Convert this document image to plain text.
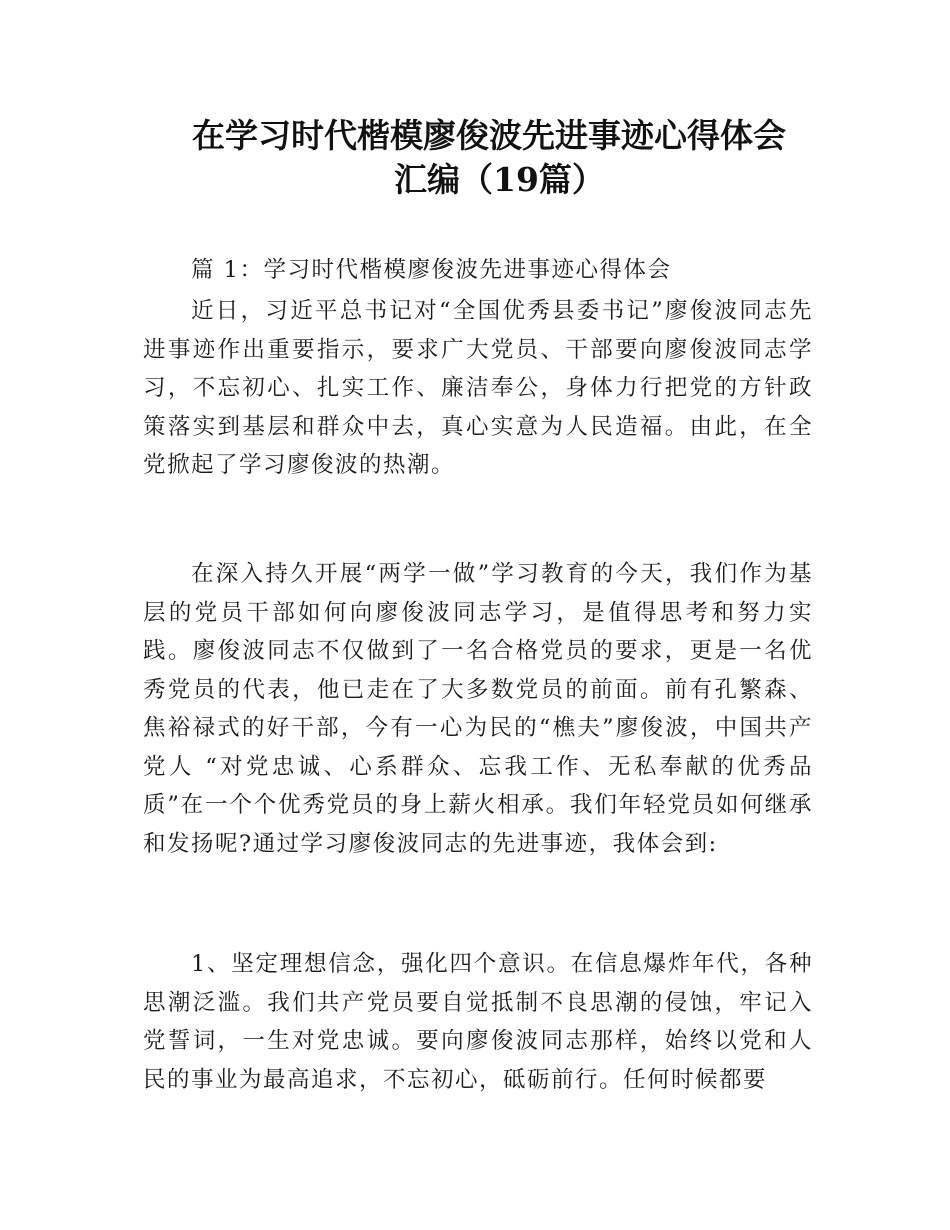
在学习时代楷模廖俊波先进事迹心得体会
汇编（19篇）
篇 1：学习时代楷模廖俊波先进事迹心得体会

近日，习近平总书记对“全国优秀县委书记”廖俊波同志先进事迹作出重要指示，要求广大党员、干部要向廖俊波同志学习，不忘初心、扎实工作、廉洁奉公，身体力行把党的方针政策落实到基层和群众中去，真心实意为人民造福。由此，在全党掀起了学习廖俊波的热潮。

在深入持久开展“两学一做”学习教育的今天，我们作为基层的党员干部如何向廖俊波同志学习，是值得思考和努力实践。廖俊波同志不仅做到了一名合格党员的要求，更是一名优秀党员的代表，他已走在了大多数党员的前面。前有孔繁森、焦裕禄式的好干部，今有一心为民的“樵夫”廖俊波，中国共产党人 “对党忠诚、心系群众、忘我工作、无私奉献的优秀品质”在一个个优秀党员的身上薪火相承。我们年轻党员如何继承和发扬呢?通过学习廖俊波同志的先进事迹，我体会到:

1、坚定理想信念，强化四个意识。在信息爆炸年代，各种思潮泛滥。我们共产党员要自觉抵制不良思潮的侵蚀，牢记入党誓词，一生对党忠诚。要向廖俊波同志那样，始终以党和人民的事业为最高追求，不忘初心，砥砺前行。任何时候都要
